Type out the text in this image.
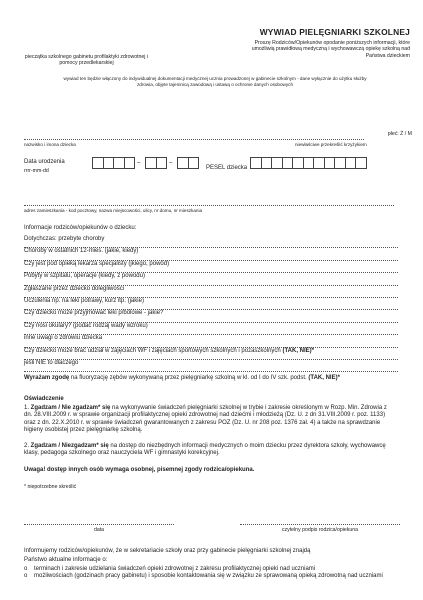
pieczątka szkolnego gabinetu profilaktyki zdrowotnej i pomocy przedlekarskiej
WYWIAD PIELĘGNIARKI SZKOLNEJ
Proszę Rodziców/Opiekunów opodanie poniższych informacji, które umożliwią prawidłową medyczną i wychowawczą opiekę szkolną nad Państwa dzieckiem
wywiad ten będzie włączony do indywidualnej dokumentacji medycznej ucznia prowadzonej w gabinecie szkolnym - dane wyłącznie do użytku służby zdrowia, objęte tajemnicą zawodową i ustawą o ochronie danych osobowych
płeć: Ż / M
nazwisko i imona dziecka	niewłaściwe przekreślić krzyżykiem
Data urodzenia
rrrr-mm-dd
–	–
PESEL dziecka
adres zamieszkania - kod pocztowy, nazwa miejscowości, ulicy, nr domu, nr mieszkania
Informacje rodziców/opiekunów o dziecku:
Dotychczas: przebyte choroby
Choroby w ostatnich 12-mies. (jakie, kiedy)
Czy jest pod opieką lekarza specjalisty (jkiego, powód)
Pobyty w szpitalu, operacje (kiedy, z powodu)
Zgłaszane przez dziecko dolegliwości
Uczulenia np. na leki potrawy, kurz itp. (jakie)
Czy dziecko może przyjmować leki p/bólowe - jakie?
Czy nosi okulary? (podać rodzaj wady wzroku)
inne uwagi o zdrowiu dziecka
Czy dziecko może brać udział w zajęciach WF i zajęciach sportowych szkolnych i pozaszkolnych (TAK, NIE)*
jeśli NIE to dlaczego
Wyrażam zgodę na fluoryzację zębów wykonywaną przez pielęgniarkę szkolną w kl. od I do IV szk. podst. (TAK, NIE)*
Oświadczenie
1. Zgadzam / Nie zgadzam* się na wykonywanie świadczeń pielęgniarki szkolnej w trybie i zakresie określonym w Rozp. Min. Zdrowia z dn. 28.VIII.2009 r. w sprawie organizacji profilaktycznej opieki zdrowotnej nad dziećmi i młodzieżą (Dz. U. z dn 31.VIII.2009 r. poz. 1133) oraz z dn. 22.X.2010 r. w sprawie świadczeń gwarantowanych z zakresu POZ (Dz. U. nr 208 poz. 1376 zał. 4) a także na sprawdzanie higieny osobistej przez pielęgniarkę szkolną.
2. Zgadzam / Niezgadzam* się na dostęp do niezbędnych informacji medycznych o moim dziecku przez dyrektora szkoły, wychowawcę klasy, pedagoga szkolnego oraz nauczyciela WF i gimnastyki korekcyjnej.
Uwaga! dostęp innych osób wymaga osobnej, pisemnej zgody rodzica/opiekuna.
* niepotrzebne skreślić
data	czytelny podpis rodzica/opiekuna
Informujemy rodziców/opiekunów, że w sekretariacie szkoły oraz przy gabinecie pielęgniarki szkolnej znajdą
Państwo aktualne informacje o:
o	terminach i zakresie udzielania świadczeń opieki zdrowotnej z zakresu profilaktycznej opieki nad uczniami
o	możliwościach (godzinach pracy gabinetu) i sposobie kontaktowania się w związku ze sprawowaną opieką zdrowotną nad uczniami
